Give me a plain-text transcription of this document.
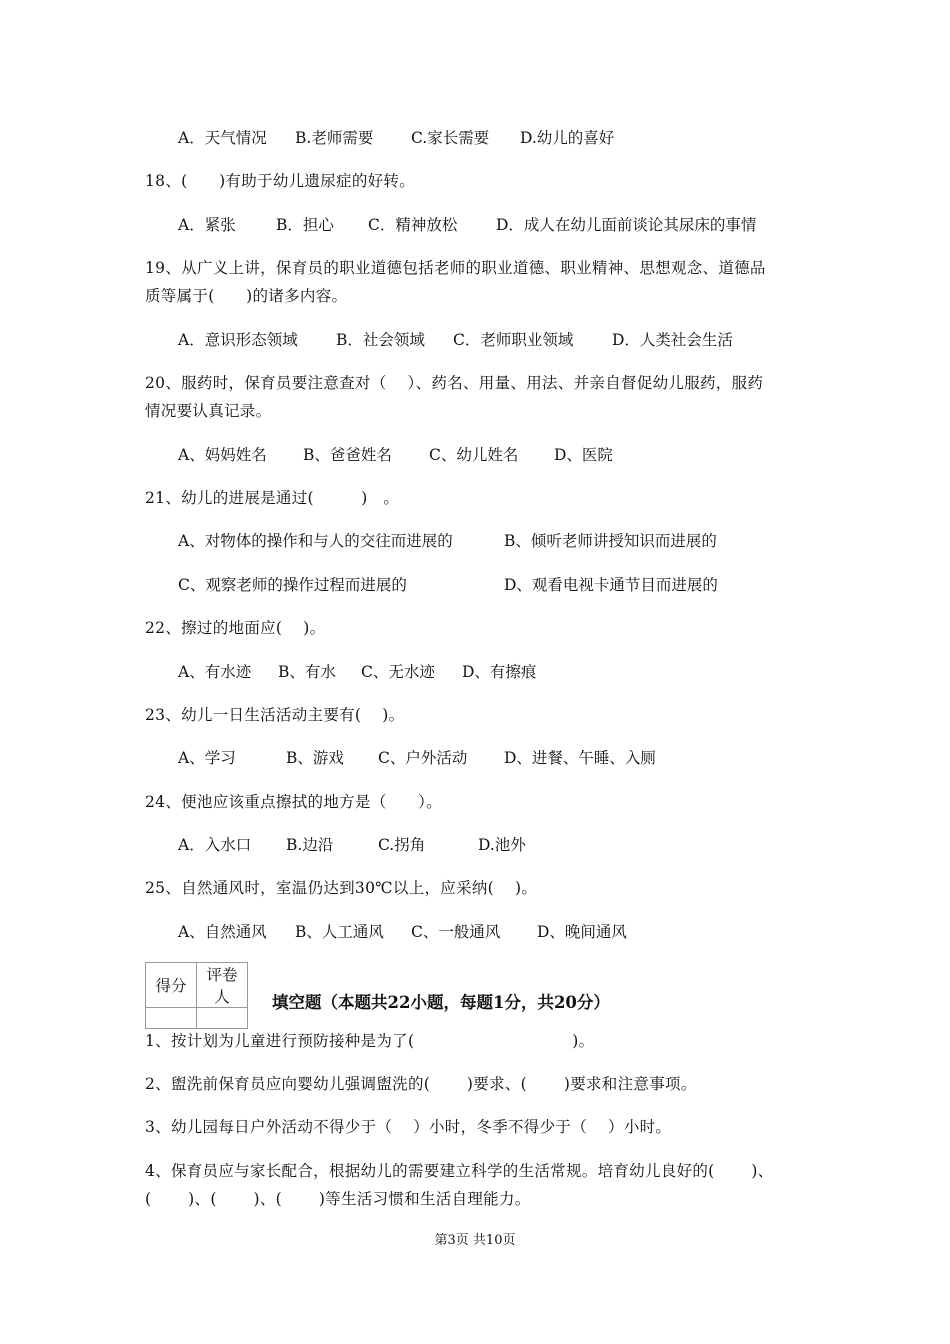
A．天气情况

B.老师需要

C.家长需要

D.幼儿的喜好

18、(　　)有助于幼儿遗尿症的好转。

A．紧张

	B．担心

C．精神放松

D．成人在幼儿面前谈论其尿床的事情

19、从广义上讲，保育员的职业道德包括老师的职业道德、职业精神、思想观念、道德品
质等属于(　　)的诸多内容。

A．意识形态领域

B．社会领域

C．老师职业领域

D．人类社会生活

20、服药时，保育员要注意查对（　 ）、药名、用量、用法、并亲自督促幼儿服药，服药
情况要认真记录。

A、妈妈姓名

B、爸爸姓名

C、幼儿姓名

D、医院

21、幼儿的进展是通过(　　　)　。

A、对物体的操作和与人的交往而进展的

	B、倾听老师讲授知识而进展的

C、观察老师的操作过程而进展的

	D、观看电视卡通节目而进展的

22、擦过的地面应(　 )。

A、有水迹

B、有水

C、无水迹

D、有擦痕

23、幼儿一日生活活动主要有(　 )。

A、学习

	B、游戏

C、户外活动

D、进餐、午睡、入厕

24、便池应该重点擦拭的地方是（　　）。

A．入水口

B.边沿

	C.拐角

	D.池外

25、自然通风时，室温仍达到30℃以上，应采纳(　 )。

A、自然通风

B、人工通风

C、一般通风

D、晚间通风

得分	评卷人
		填空题（本题共22小题，每题1分，共20分）
1、按计划为儿童进行预防接种是为了(　　　　　　　　　　)。
2、盥洗前保育员应向婴幼儿强调盥洗的(　　 )要求、(　　 )要求和注意事项。
3、幼儿园每日户外活动不得少于（　 ）小时，冬季不得少于（　 ）小时。
4、保育员应与家长配合，根据幼儿的需要建立科学的生活常规。培育幼儿良好的(　　 )、
(　　 )、(　　 )、(　　 )等生活习惯和生活自理能力。
第3页 共10页
